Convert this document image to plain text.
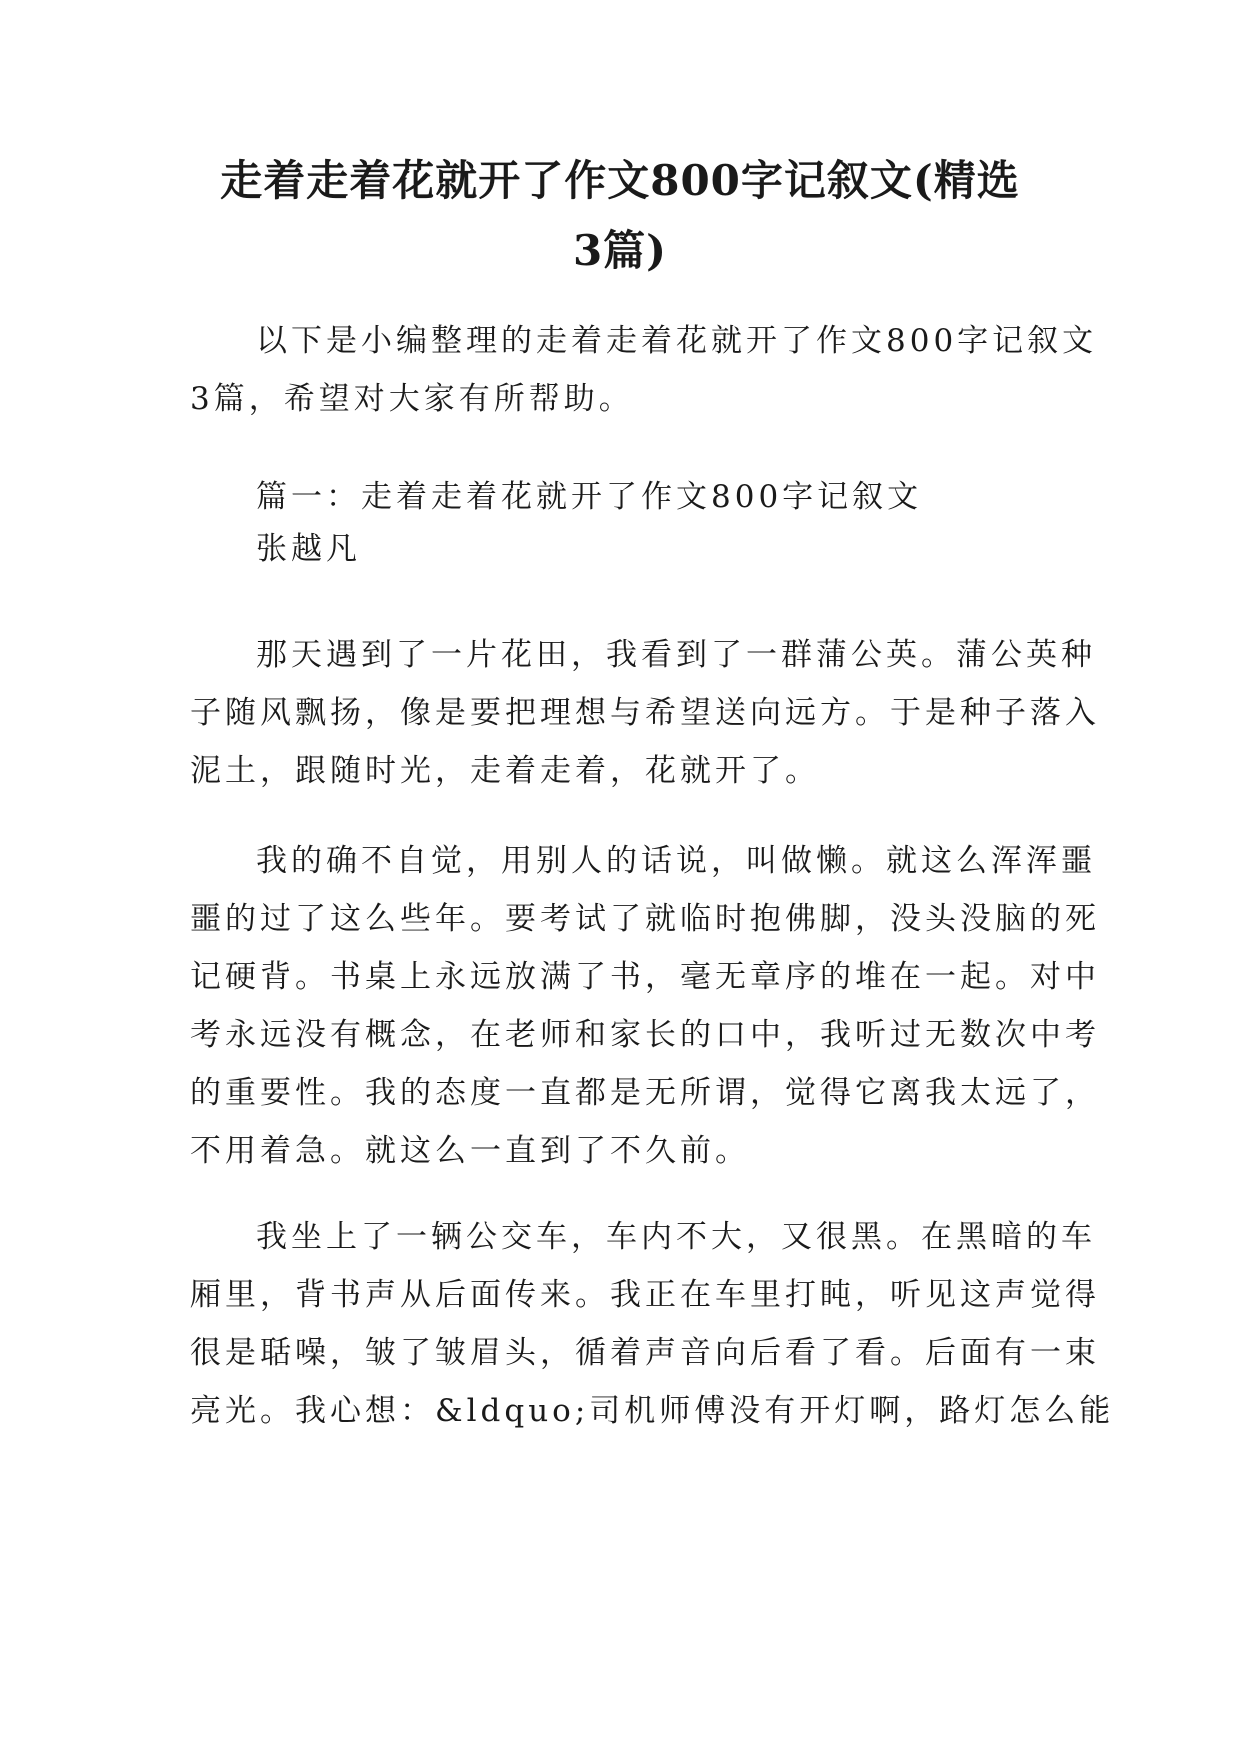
走着走着花就开了作文800字记叙文(精选
3篇)

以下是小编整理的走着走着花就开了作文800字记叙文
3篇，希望对大家有所帮助。

篇一：走着走着花就开了作文800字记叙文

张越凡

那天遇到了一片花田，我看到了一群蒲公英。蒲公英种
子随风飘扬，像是要把理想与希望送向远方。于是种子落入
泥土，跟随时光，走着走着，花就开了。

我的确不自觉，用别人的话说，叫做懒。就这么浑浑噩
噩的过了这么些年。要考试了就临时抱佛脚，没头没脑的死
记硬背。书桌上永远放满了书，毫无章序的堆在一起。对中
考永远没有概念，在老师和家长的口中，我听过无数次中考
的重要性。我的态度一直都是无所谓，觉得它离我太远了，
不用着急。就这么一直到了不久前。

我坐上了一辆公交车，车内不大，又很黑。在黑暗的车
厢里，背书声从后面传来。我正在车里打盹，听见这声觉得
很是聒噪，皱了皱眉头，循着声音向后看了看。后面有一束
亮光。我心想：&ldquo;司机师傅没有开灯啊，路灯怎么能
